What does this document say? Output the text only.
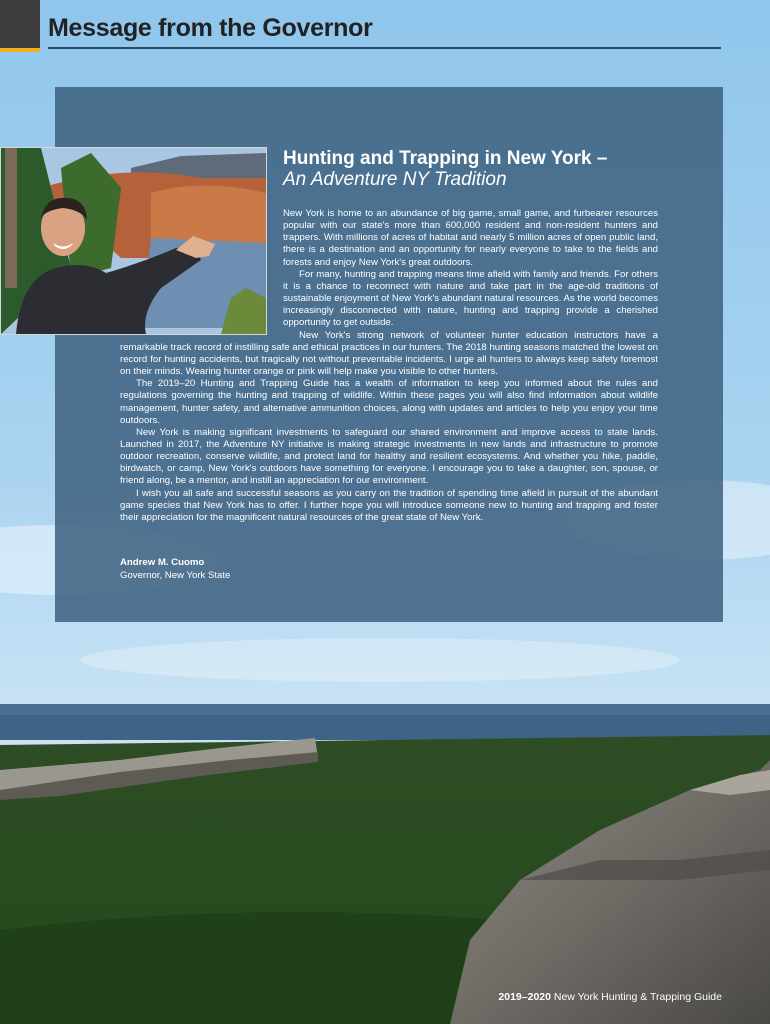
Message from the Governor
Hunting and Trapping in New York –
An Adventure NY Tradition

New York is home to an abundance of big game, small game, and furbearer resources popular with our state's more than 600,000 resident and non-resident hunters and trappers. With millions of acres of habitat and nearly 5 million acres of open public land, there is a destination and an opportunity for nearly everyone to take to the fields and forests and enjoy New York's great outdoors.

For many, hunting and trapping means time afield with family and friends. For others it is a chance to reconnect with nature and take part in the age-old traditions of sustainable enjoyment of New York's abundant natural resources. As the world becomes increasingly disconnected with nature, hunting and trapping provide a cherished opportunity to get outside.

New York's strong network of volunteer hunter education instructors have a remarkable track record of instilling safe and ethical practices in our hunters. The 2018 hunting seasons matched the lowest on record for hunting accidents, but tragically not without preventable incidents. I urge all hunters to always keep safety foremost on their minds. Wearing hunter orange or pink will help make you visible to other hunters.

The 2019–20 Hunting and Trapping Guide has a wealth of information to keep you informed about the rules and regulations governing the hunting and trapping of wildlife. Within these pages you will also find information about wildlife management, hunter safety, and alternative ammunition choices, along with updates and articles to help you enjoy your time outdoors.

New York is making significant investments to safeguard our shared environment and improve access to state lands. Launched in 2017, the Adventure NY initiative is making strategic investments in new lands and infrastructure to promote outdoor recreation, conserve wildlife, and protect land for healthy and resilient ecosystems. And whether you hike, paddle, birdwatch, or camp, New York's outdoors have something for everyone. I encourage you to take a daughter, son, spouse, or friend along, be a mentor, and instill an appreciation for our environment.

I wish you all safe and successful seasons as you carry on the tradition of spending time afield in pursuit of the abundant game species that New York has to offer. I further hope you will introduce someone new to hunting and trapping and foster their appreciation for the magnificent natural resources of the great state of New York.

Andrew M. Cuomo
Governor, New York State
2019–2020 New York Hunting & Trapping Guide
